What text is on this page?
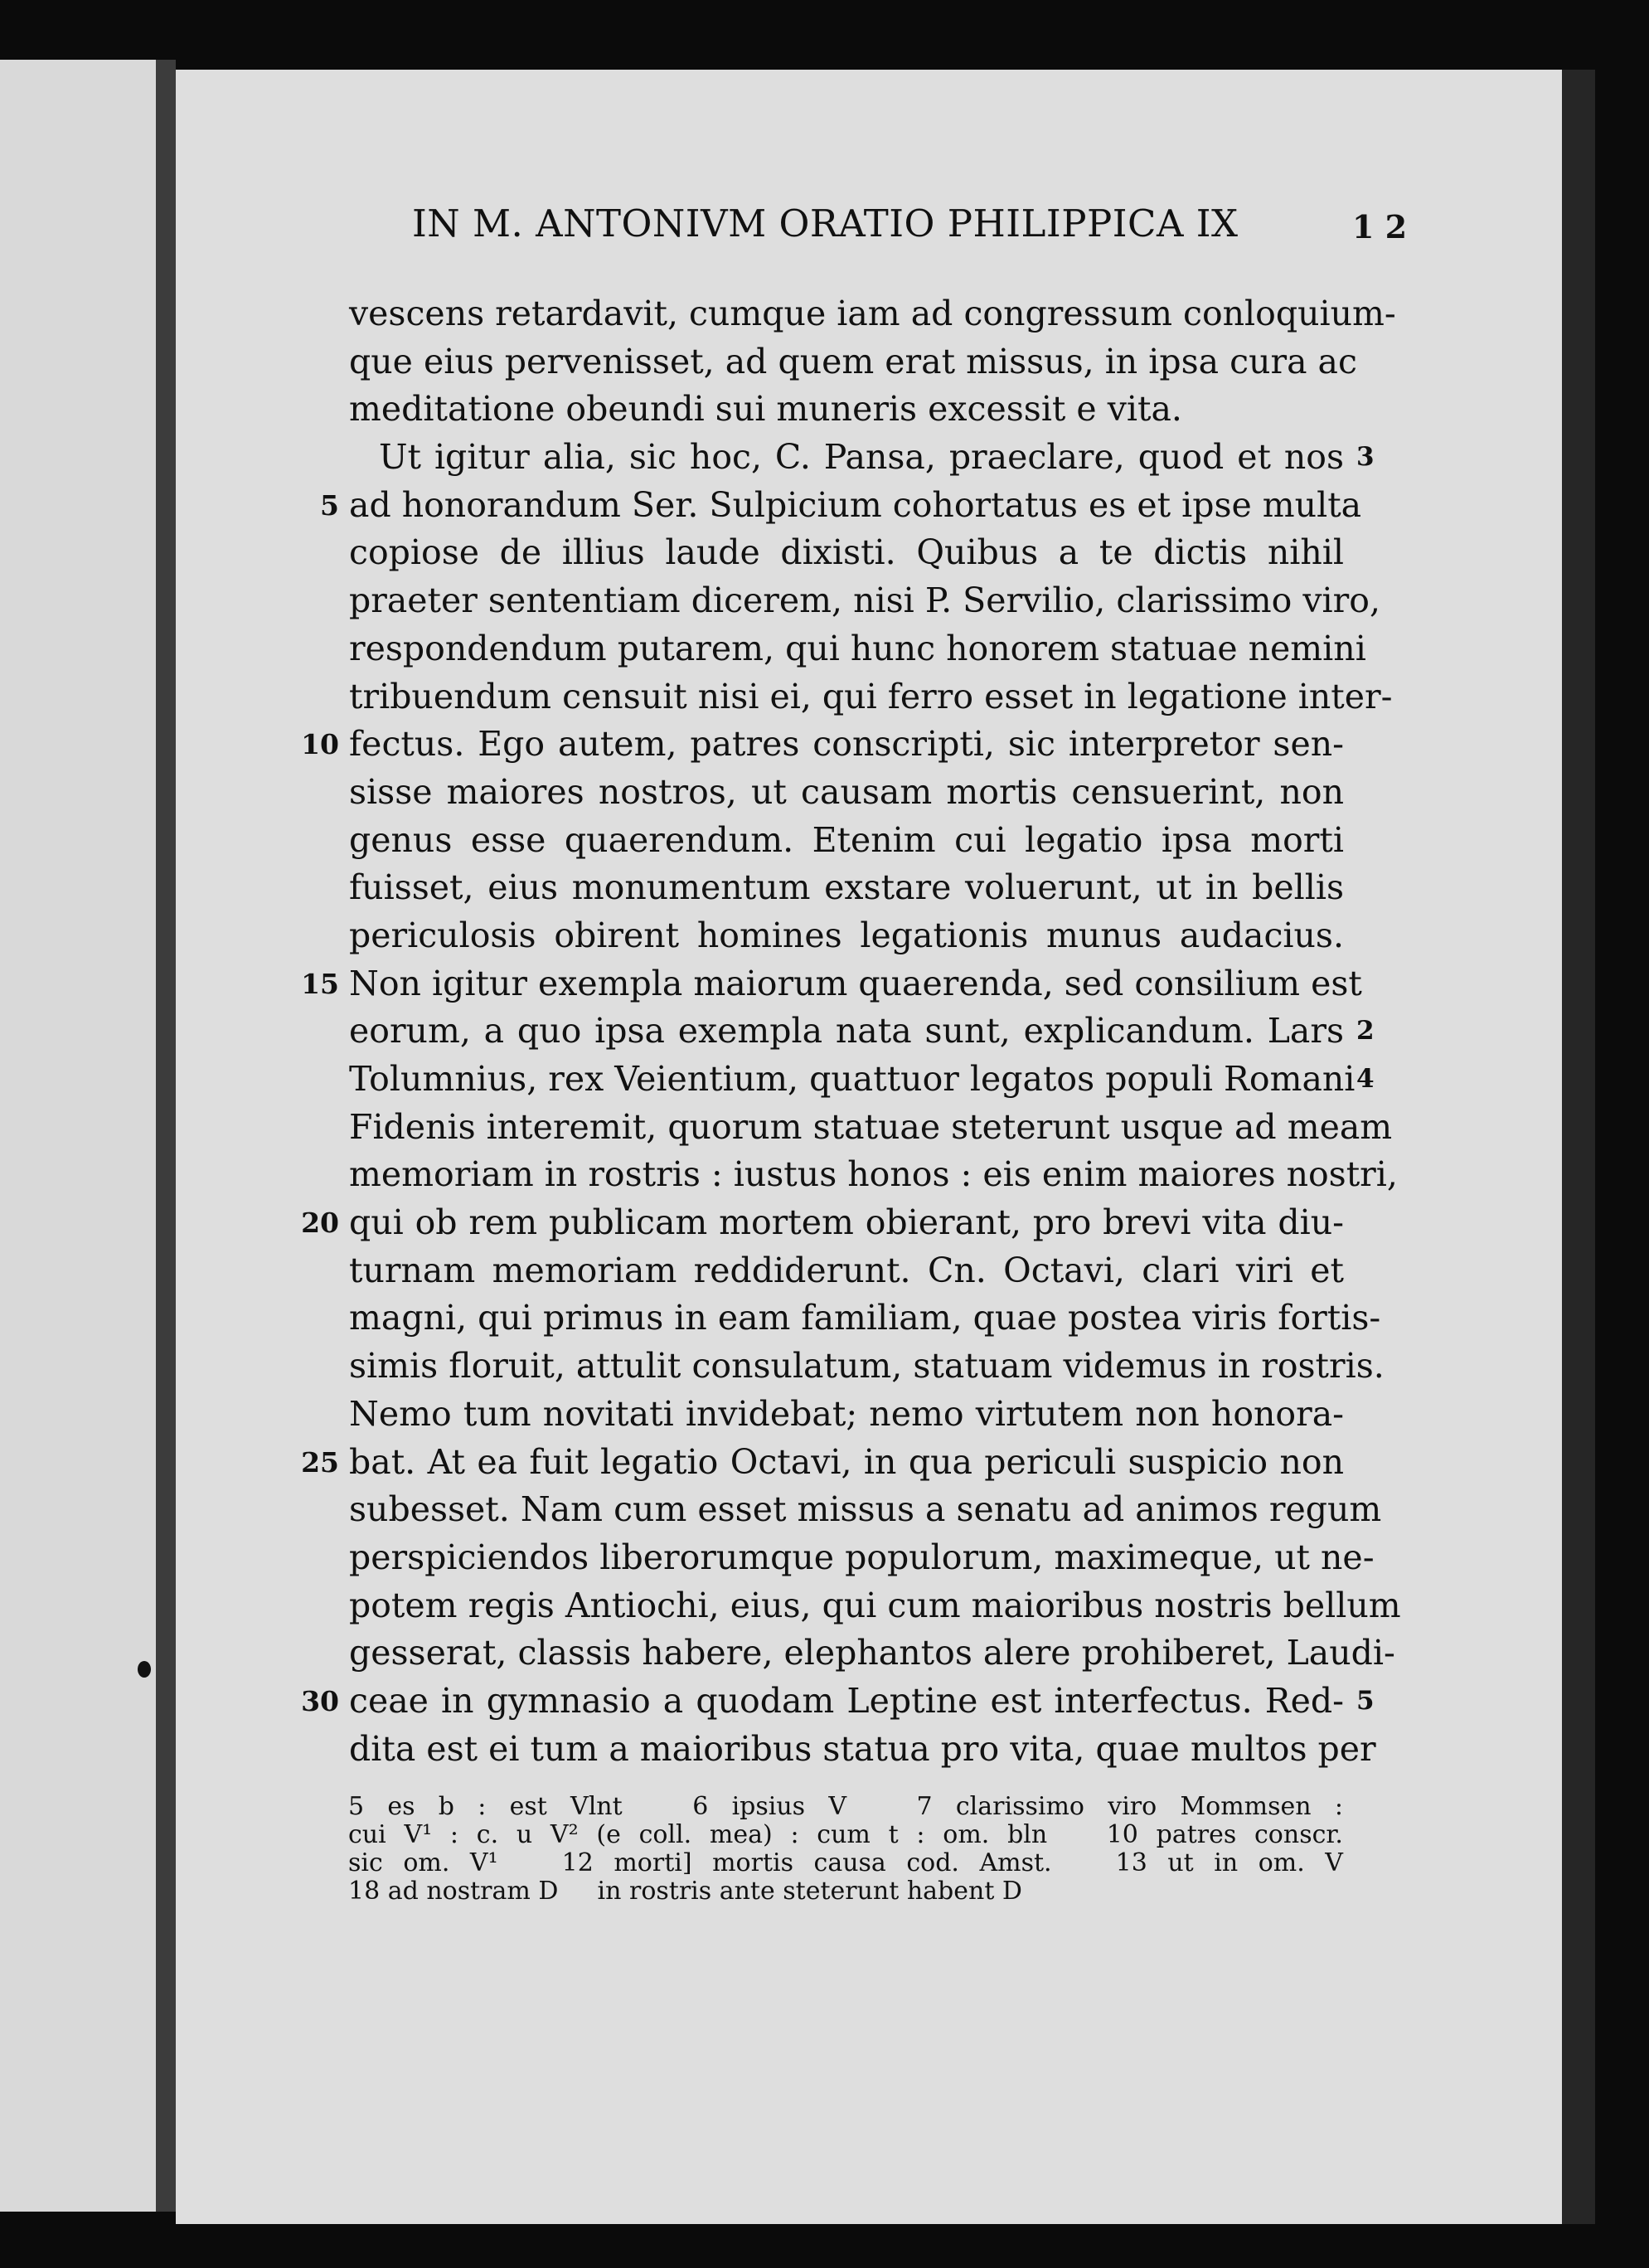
IN M. ANTONIVM ORATIO PHILIPPICA IX	1 2
vescens retardavit, cumque iam ad congressum conloquium-
que eius pervenisset, ad quem erat missus, in ipsa cura ac
meditatione obeundi sui muneris excessit e vita.
Ut igitur alia, sic hoc, C. Pansa, praeclare, quod et nos 3
ad honorandum Ser. Sulpicium cohortatus es et ipse multa
5
copiose de illius laude dixisti. Quibus a te dictis nihil
praeter sententiam dicerem, nisi P. Servilio, clarissimo viro,
respondendum putarem, qui hunc honorem statuae nemini
tribuendum censuit nisi ei, qui ferro esset in legatione inter-
fectus. Ego autem, patres conscripti, sic interpretor sen-
10
sisse maiores nostros, ut causam mortis censuerint, non
genus esse quaerendum. Etenim cui legatio ipsa morti
fuisset, eius monumentum exstare voluerunt, ut in bellis
periculosis obirent homines legationis munus audacius.
Non igitur exempla maiorum quaerenda, sed consilium est
15
eorum, a quo ipsa exempla nata sunt, explicandum. Lars 2
Tolumnius, rex Veientium, quattuor legatos populi Romani 4
Fidenis interemit, quorum statuae steterunt usque ad meam
memoriam in rostris : iustus honos : eis enim maiores nostri,
qui ob rem publicam mortem obierant, pro brevi vita diu-
20
turnam memoriam reddiderunt. Cn. Octavi, clari viri et
magni, qui primus in eam familiam, quae postea viris fortis-
simis floruit, attulit consulatum, statuam videmus in rostris.
Nemo tum novitati invidebat; nemo virtutem non honora-
bat. At ea fuit legatio Octavi, in qua periculi suspicio non
25
subesset. Nam cum esset missus a senatu ad animos regum
perspiciendos liberorumque populorum, maximeque, ut ne-
potem regis Antiochi, eius, qui cum maioribus nostris bellum
gesserat, classis habere, elephantos alere prohiberet, Laudi-
ceae in gymnasio a quodam Leptine est interfectus. Red-
30	5
dita est ei tum a maioribus statua pro vita, quae multos per
5 es b : est Vlnt	6 ipsius V	7 clarissimo viro Mommsen :
cui V¹ : c. u V² (e coll. mea) : cum t : om. bln 10 patres conscr.
sic om. V¹	12 morti] mortis causa cod. Amst.	13 ut in om. V
18 ad nostram D in rostris ante steterunt habent D
